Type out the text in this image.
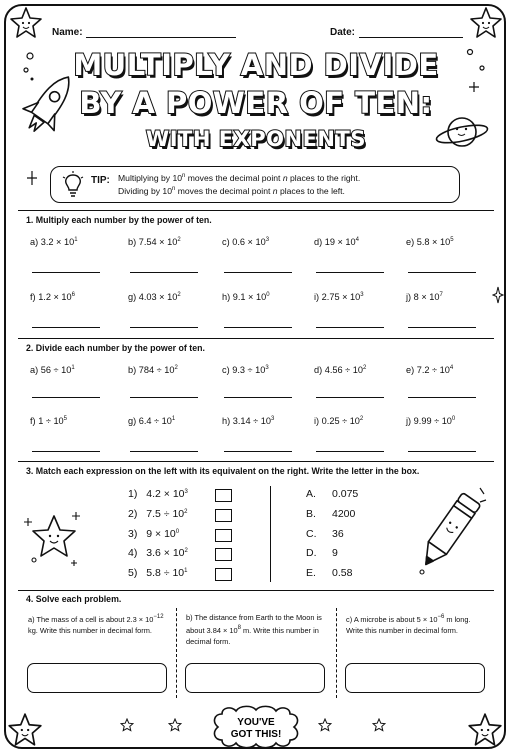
Name:	Date:
MULTIPLY AND DIVIDE
BY A POWER OF TEN:
WITH EXPONENTS
TIP: Multiplying by 10$^n$ moves the decimal point n places to the right.
Dividing by 10$^n$ moves the decimal point n places to the left.
1. Multiply each number by the power of ten.
a) $3.2 \times 10^1$	b) $7.54 \times 10^2$	c) $0.6 \times 10^3$	d) $19 \times 10^4$	e) $5.8 \times 10^5$
f) $1.2 \times 10^6$	g) $4.03 \times 10^2$	h) $9.1 \times 10^0$	i) $2.75 \times 10^3$	j) $8 \times 10^7$
2. Divide each number by the power of ten.
a) $56 \div 10^1$	b) $784 \div 10^2$	c) $9.3 \div 10^3$	d) $4.56 \div 10^2$	e) $7.2 \div 10^4$
f) $1 \div 10^5$	g) $6.4 \div 10^1$	h) $3.14 \div 10^3$	i) $0.25 \div 10^2$	j) $9.99 \div 10^0$
3. Match each expression on the left with its equivalent on the right. Write the letter in the box.
1) $4.2 \times 10^3$
2) $7.5 \div 10^2$
3) $9 \times 10^0$
4) $3.6 \times 10^2$
5) $5.8 \div 10^1$
A. 0.075
B. 4200
C. 36
D. 9
E. 0.58
4. Solve each problem.
a) The mass of a cell is about $2.3 \times 10^{-12}$ kg. Write this number in decimal form.
b) The distance from Earth to the Moon is about $3.84 \times 10^8$ m. Write this number in decimal form.
c) A microbe is about $5 \times 10^{-6}$ m long. Write this number in decimal form.
YOU'VE
GOT THIS!
